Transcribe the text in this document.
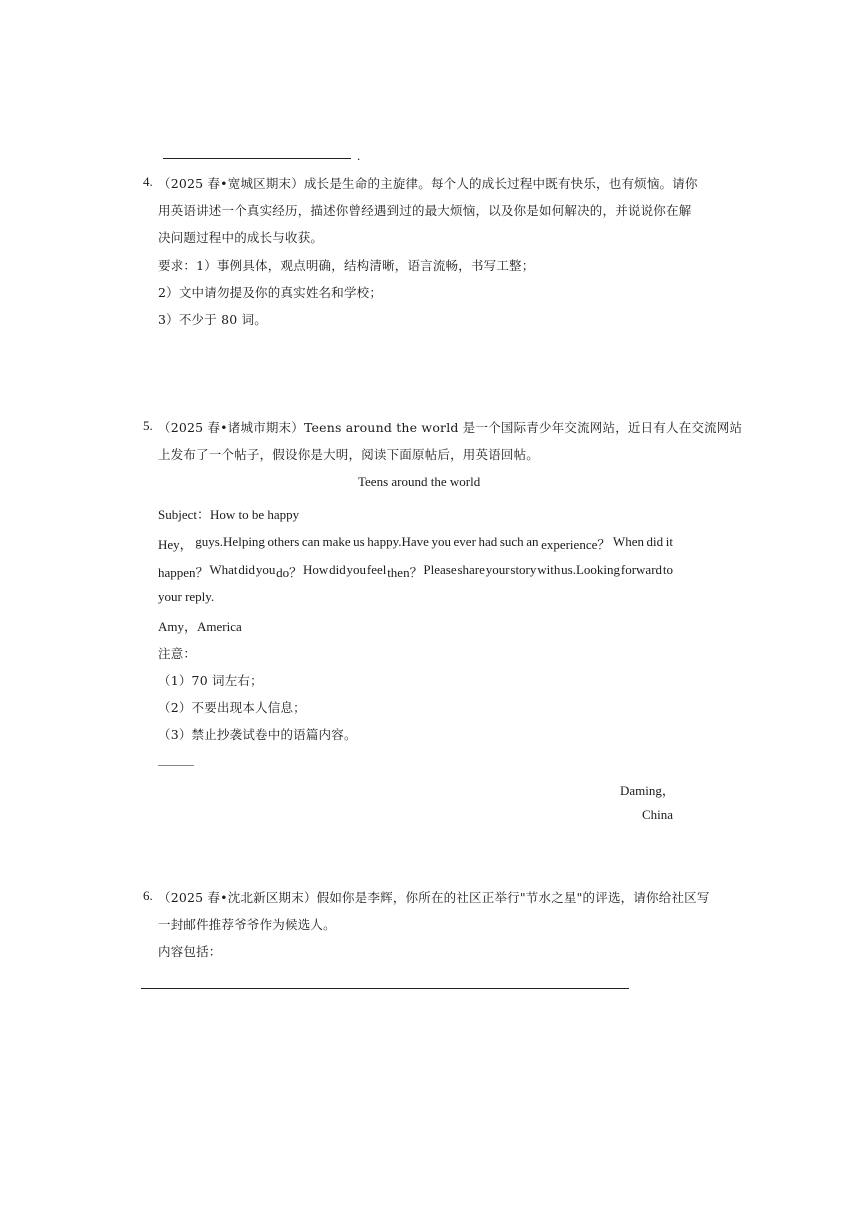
.
4. （2025 春•宽城区期末）成长是生命的主旋律。每个人的成长过程中既有快乐，也有烦恼。请你
用英语讲述一个真实经历，描述你曾经遇到过的最大烦恼，以及你是如何解决的，并说说你在解
决问题过程中的成长与收获。
要求：1）事例具体，观点明确，结构清晰，语言流畅，书写工整；
2）文中请勿提及你的真实姓名和学校；
3）不少于 80 词。
5. （2025 春•诸城市期末）Teens around the world 是一个国际青少年交流网站，近日有人在交流网站
上发布了一个帖子，假设你是大明，阅读下面原帖后，用英语回帖。
Teens around the world
Subject：How to be happy
Hey， guys.Helping others can make us happy.Have you ever had such an experience？ When did it
happen？ What did you do？ How did you feel then？ Please share your story with us.Looking forward to
your reply.
Amy，America
注意：
（1）70 词左右；
（2）不要出现本人信息；
（3）禁止抄袭试卷中的语篇内容。
Daming，
China
6. （2025 春•沈北新区期末）假如你是李辉，你所在的社区正举行"节水之星"的评选，请你给社区写
一封邮件推荐爷爷作为候选人。
内容包括：
